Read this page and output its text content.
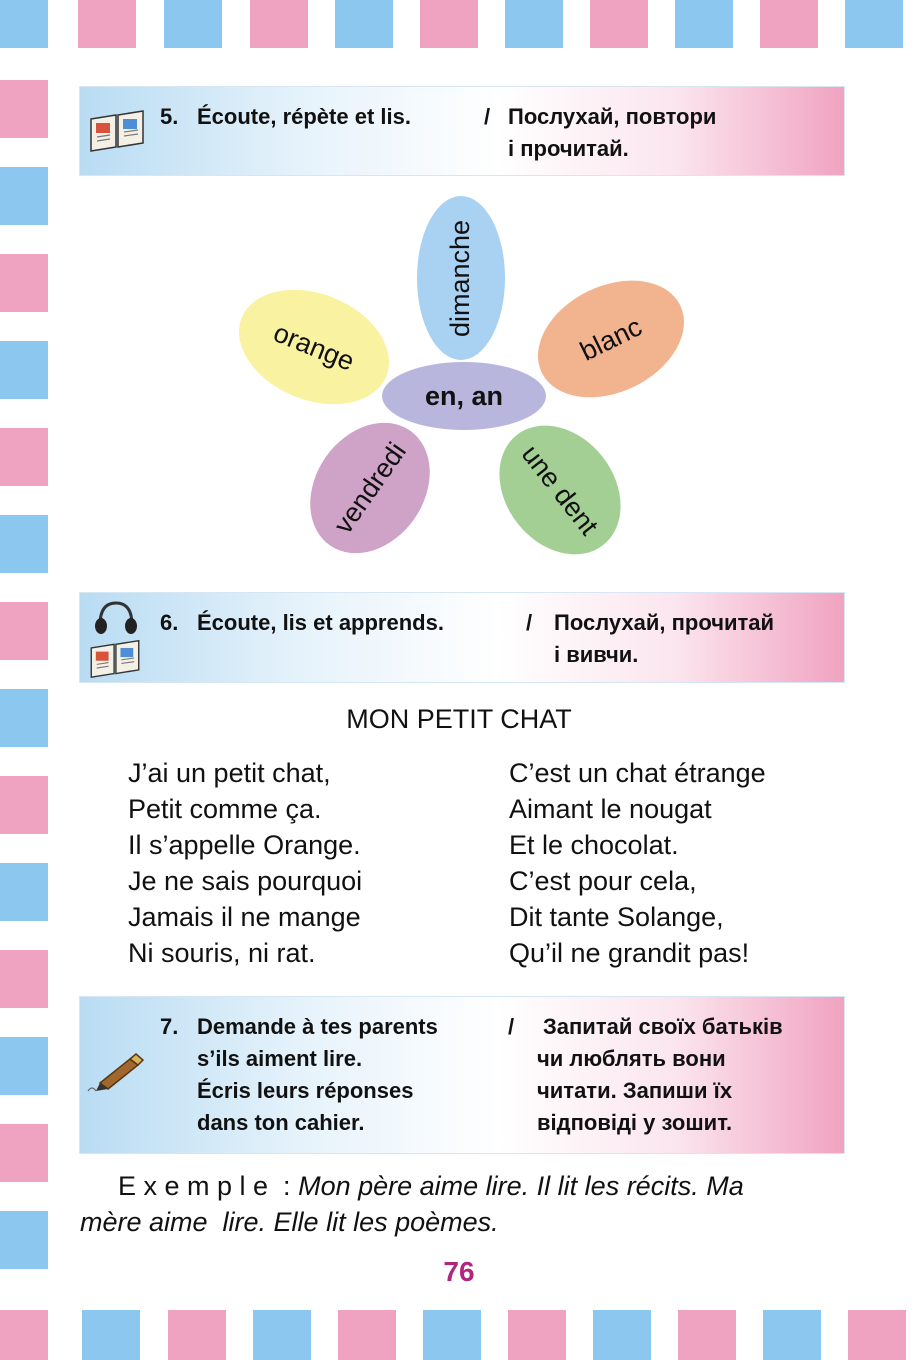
5. Écoute, répète et lis.	/ Послухай, повтори
і прочитай.
dimanche
orange	blanc
vendredi	une dent
en, an
6. Écoute, lis et apprends.	/ Послухай, прочитай
і вивчи.
MON PETIT CHAT
J’ai un petit chat,
Petit comme ça.
Il s’appelle Orange.
Je ne sais pourquoi
Jamais il ne mange
Ni souris, ni rat.
C’est un chat étrange
Aimant le nougat
Et le chocolat.
C’est pour cela,
Dit tante Solange,
Qu’il ne grandit pas!
7. Demande à tes parents
s’ils aiment lire.
Écris leurs réponses
dans ton cahier.
/ Запитай своїх батьків
чи люблять вони
читати. Запиши їх
відповіді у зошит.
E x e m p l e  : Mon père aime lire. Il lit les récits. Ma
mère aime  lire. Elle lit les poèmes.
76
